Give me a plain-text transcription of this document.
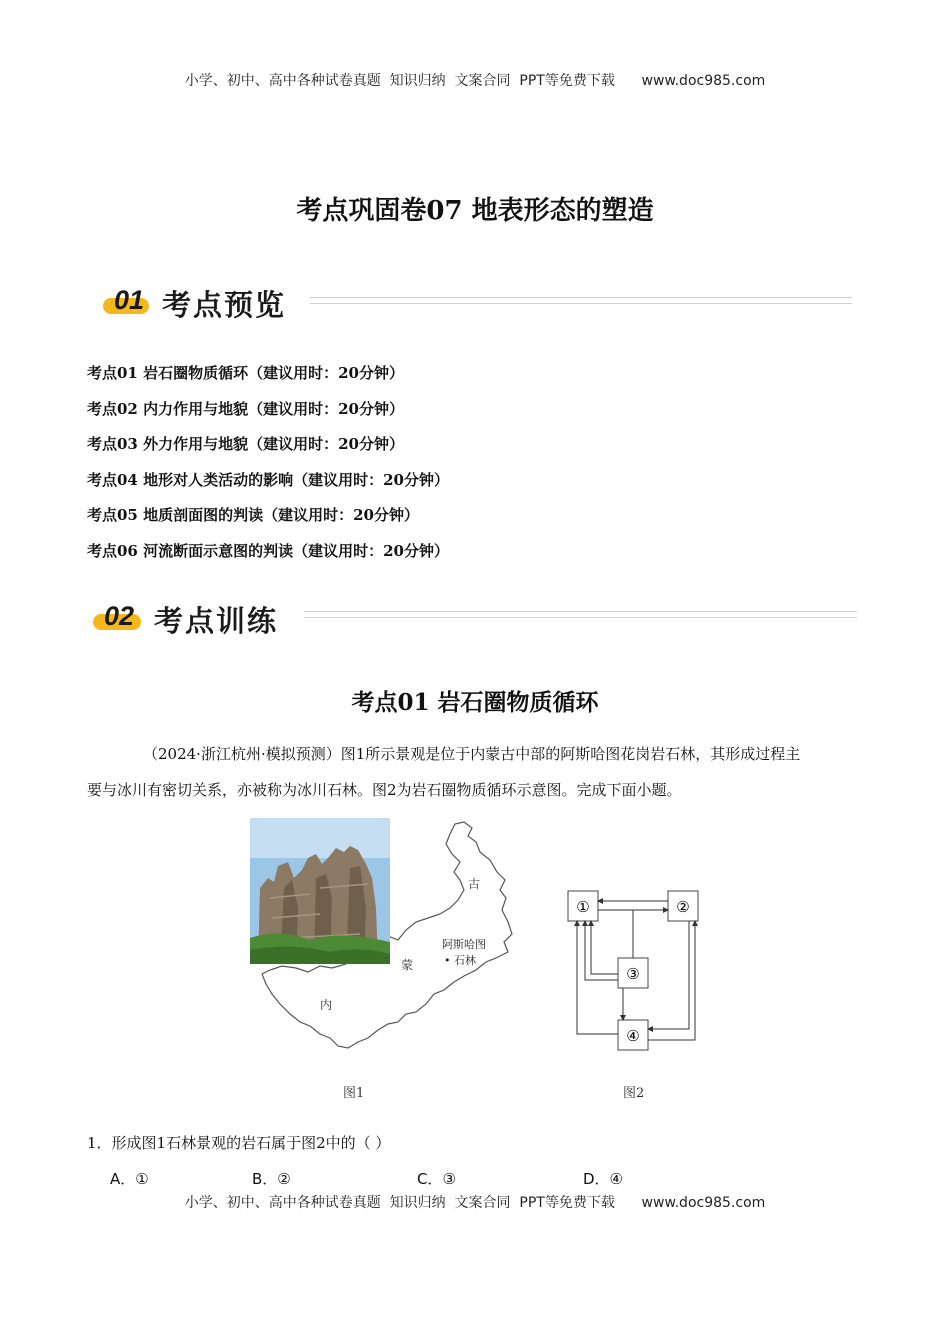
小学、初中、高中各种试卷真题  知识归纳  文案合同  PPT等免费下载      www.doc985.com
考点巩固卷07 地表形态的塑造
01 考点预览
考点01 岩石圈物质循环（建议用时：20分钟）
考点02 内力作用与地貌（建议用时：20分钟）
考点03 外力作用与地貌（建议用时：20分钟）
考点04 地形对人类活动的影响（建议用时：20分钟）
考点05 地质剖面图的判读（建议用时：20分钟）
考点06 河流断面示意图的判读（建议用时：20分钟）
02 考点训练
考点01 岩石圈物质循环
（2024·浙江杭州·模拟预测）图1所示景观是位于内蒙古中部的阿斯哈图花岗岩石林，其形成过程主
要与冰川有密切关系，亦被称为冰川石林。图2为岩石圈物质循环示意图。完成下面小题。
古
蒙
内
阿斯哈图
• 石林
图1
①	②
③
④
图2
1．形成图1石林景观的岩石属于图2中的（ ）
A．①	B．②	C．③	D．④
小学、初中、高中各种试卷真题  知识归纳  文案合同  PPT等免费下载      www.doc985.com
